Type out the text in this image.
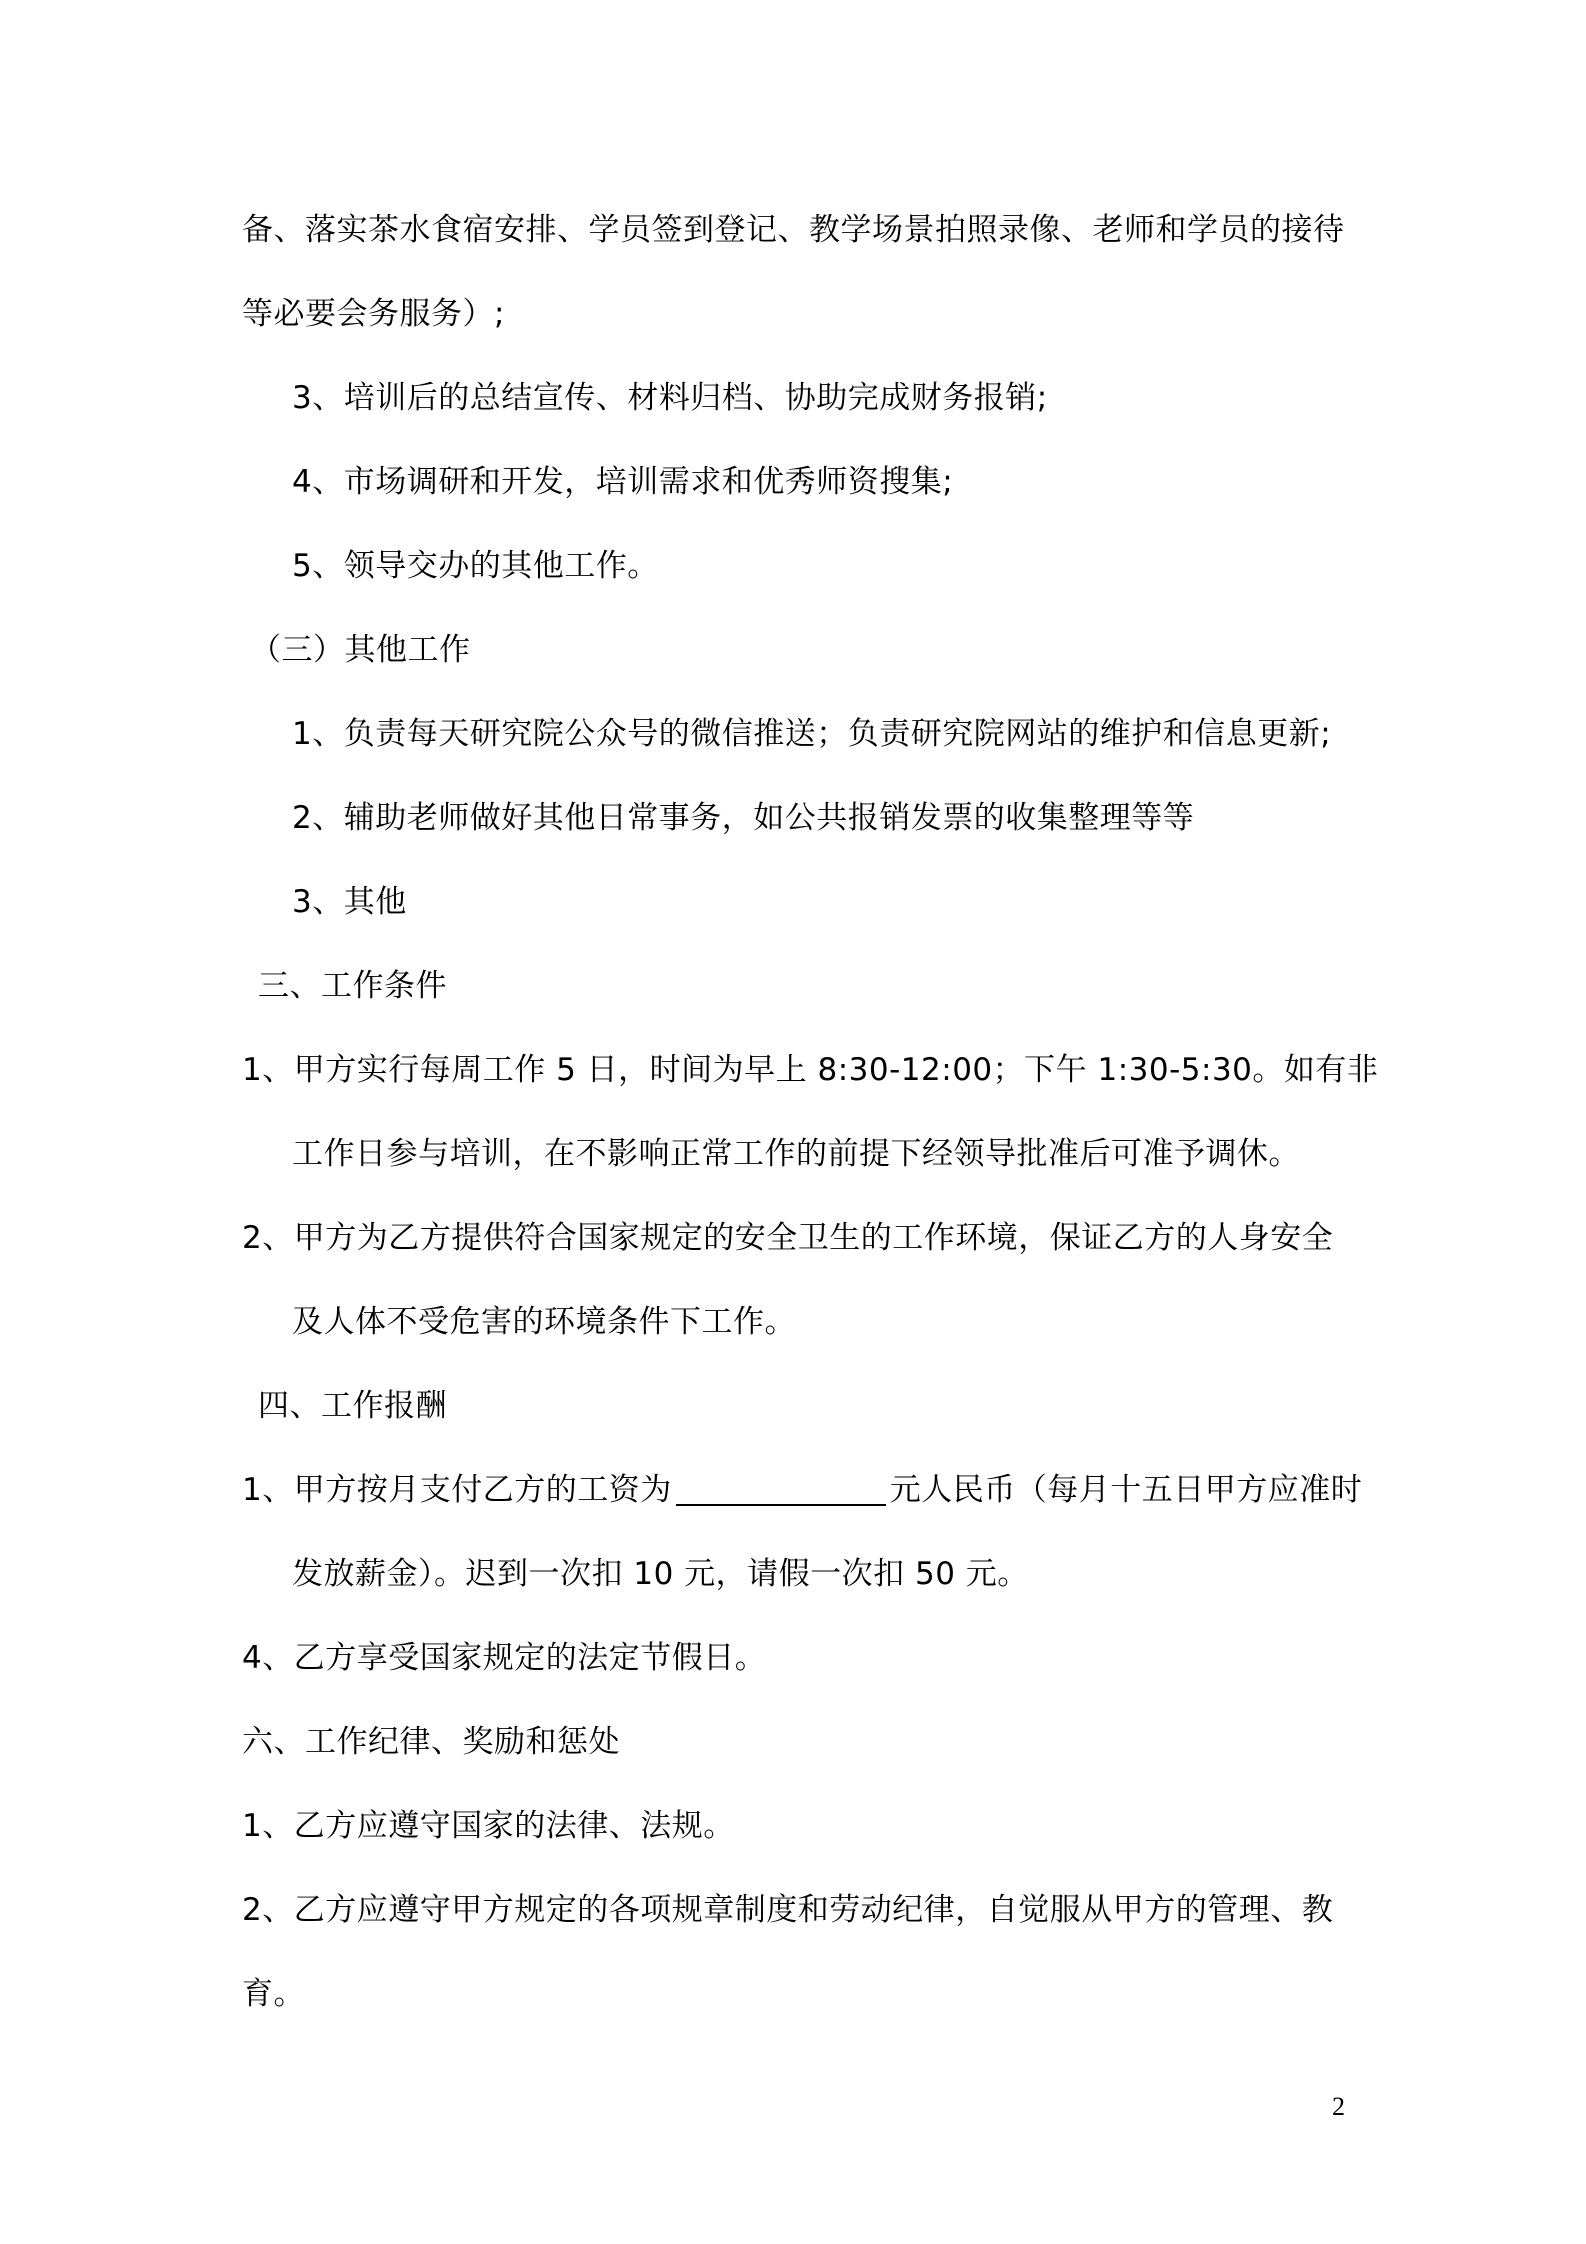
备、落实茶水食宿安排、学员签到登记、教学场景拍照录像、老师和学员的接待
等必要会务服务）;
3、培训后的总结宣传、材料归档、协助完成财务报销;
4、市场调研和开发，培训需求和优秀师资搜集;
5、领导交办的其他工作。
（三）其他工作
1、负责每天研究院公众号的微信推送；负责研究院网站的维护和信息更新;
2、辅助老师做好其他日常事务，如公共报销发票的收集整理等等
3、其他
三、工作条件
1、甲方实行每周工作 5 日，时间为早上 8:30-12:00；下午 1:30-5:30。如有非
工作日参与培训，在不影响正常工作的前提下经领导批准后可准予调休。
2、甲方为乙方提供符合国家规定的安全卫生的工作环境，保证乙方的人身安全
及人体不受危害的环境条件下工作。
四、工作报酬
1、甲方按月支付乙方的工资为	元人民币（每月十五日甲方应准时
发放薪金）。迟到一次扣 10 元，请假一次扣 50 元。
4、乙方享受国家规定的法定节假日。
六、工作纪律、奖励和惩处
1、乙方应遵守国家的法律、法规。
2、乙方应遵守甲方规定的各项规章制度和劳动纪律，自觉服从甲方的管理、教
育。
2
